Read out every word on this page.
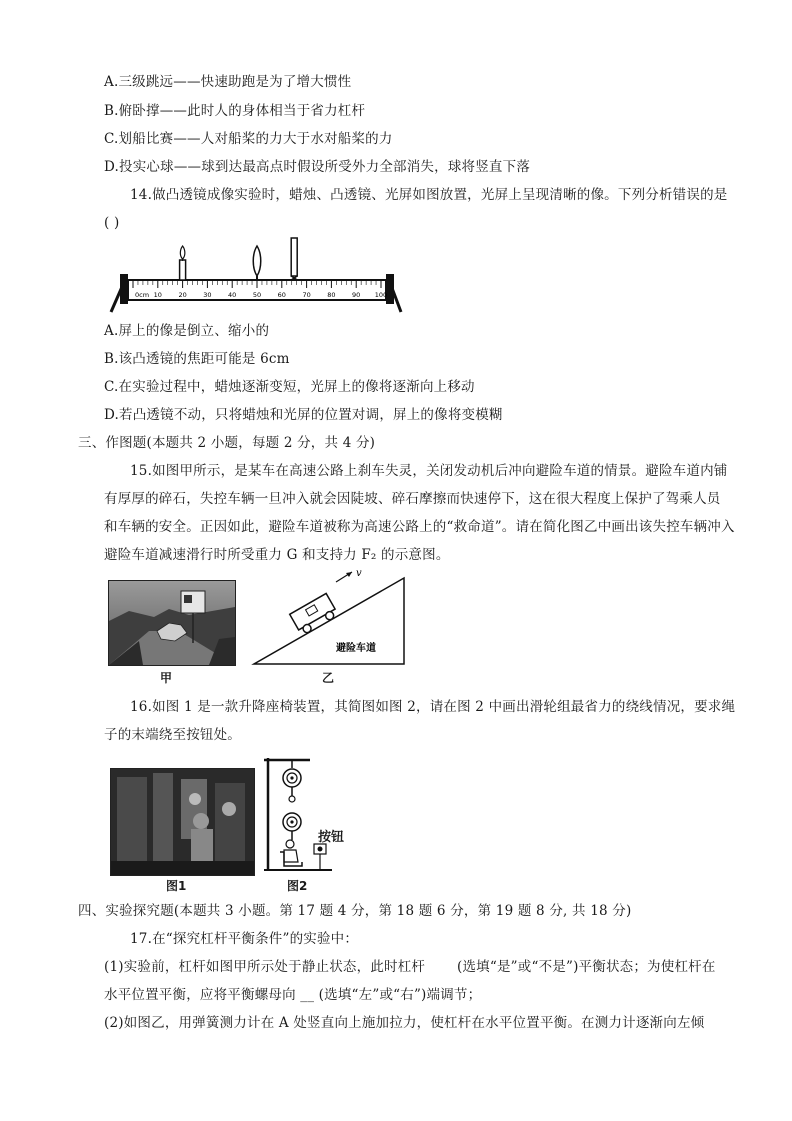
A.三级跳远——快速助跑是为了增大惯性
B.俯卧撑——此时人的身体相当于省力杠杆
C.划船比赛——人对船桨的力大于水对船桨的力
D.投实心球——球到达最高点时假设所受外力全部消失，球将竖直下落
14.做凸透镜成像实验时，蜡烛、凸透镜、光屏如图放置，光屏上呈现清晰的像。下列分析错误的是
( )
0cm 10	20	30	40	50	60	70	80	90 100
A.屏上的像是倒立、缩小的
B.该凸透镜的焦距可能是 6cm
C.在实验过程中，蜡烛逐渐变短，光屏上的像将逐渐向上移动
D.若凸透镜不动，只将蜡烛和光屏的位置对调，屏上的像将变模糊
三、作图题(本题共 2 小题，每题 2 分，共 4 分)
15.如图甲所示，是某车在高速公路上刹车失灵，关闭发动机后冲向避险车道的情景。避险车道内铺
有厚厚的碎石，失控车辆一旦冲入就会因陡坡、碎石摩擦而快速停下，这在很大程度上保护了驾乘人员
和车辆的安全。正因如此，避险车道被称为高速公路上的“救命道”。请在简化图乙中画出该失控车辆冲入
避险车道减速滑行时所受重力 G 和支持力 F₂ 的示意图。
甲
v
避险车道
乙
16.如图 1 是一款升降座椅装置，其简图如图 2，请在图 2 中画出滑轮组最省力的绕线情况，要求绳
子的末端绕至按钮处。
图1
按钮
图2
四、实验探究题(本题共 3 小题。第 17 题 4 分，第 18 题 6 分，第 19 题 8 分, 共 18 分)
17.在“探究杠杆平衡条件”的实验中：
(1)实验前，杠杆如图甲所示处于静止状态，此时杠杆 　　(选填“是”或“不是”)平衡状态；为使杠杆在
水平位置平衡，应将平衡螺母向 __ (选填“左”或“右”)端调节；
(2)如图乙，用弹簧测力计在 A 处竖直向上施加拉力，使杠杆在水平位置平衡。在测力计逐渐向左倾
